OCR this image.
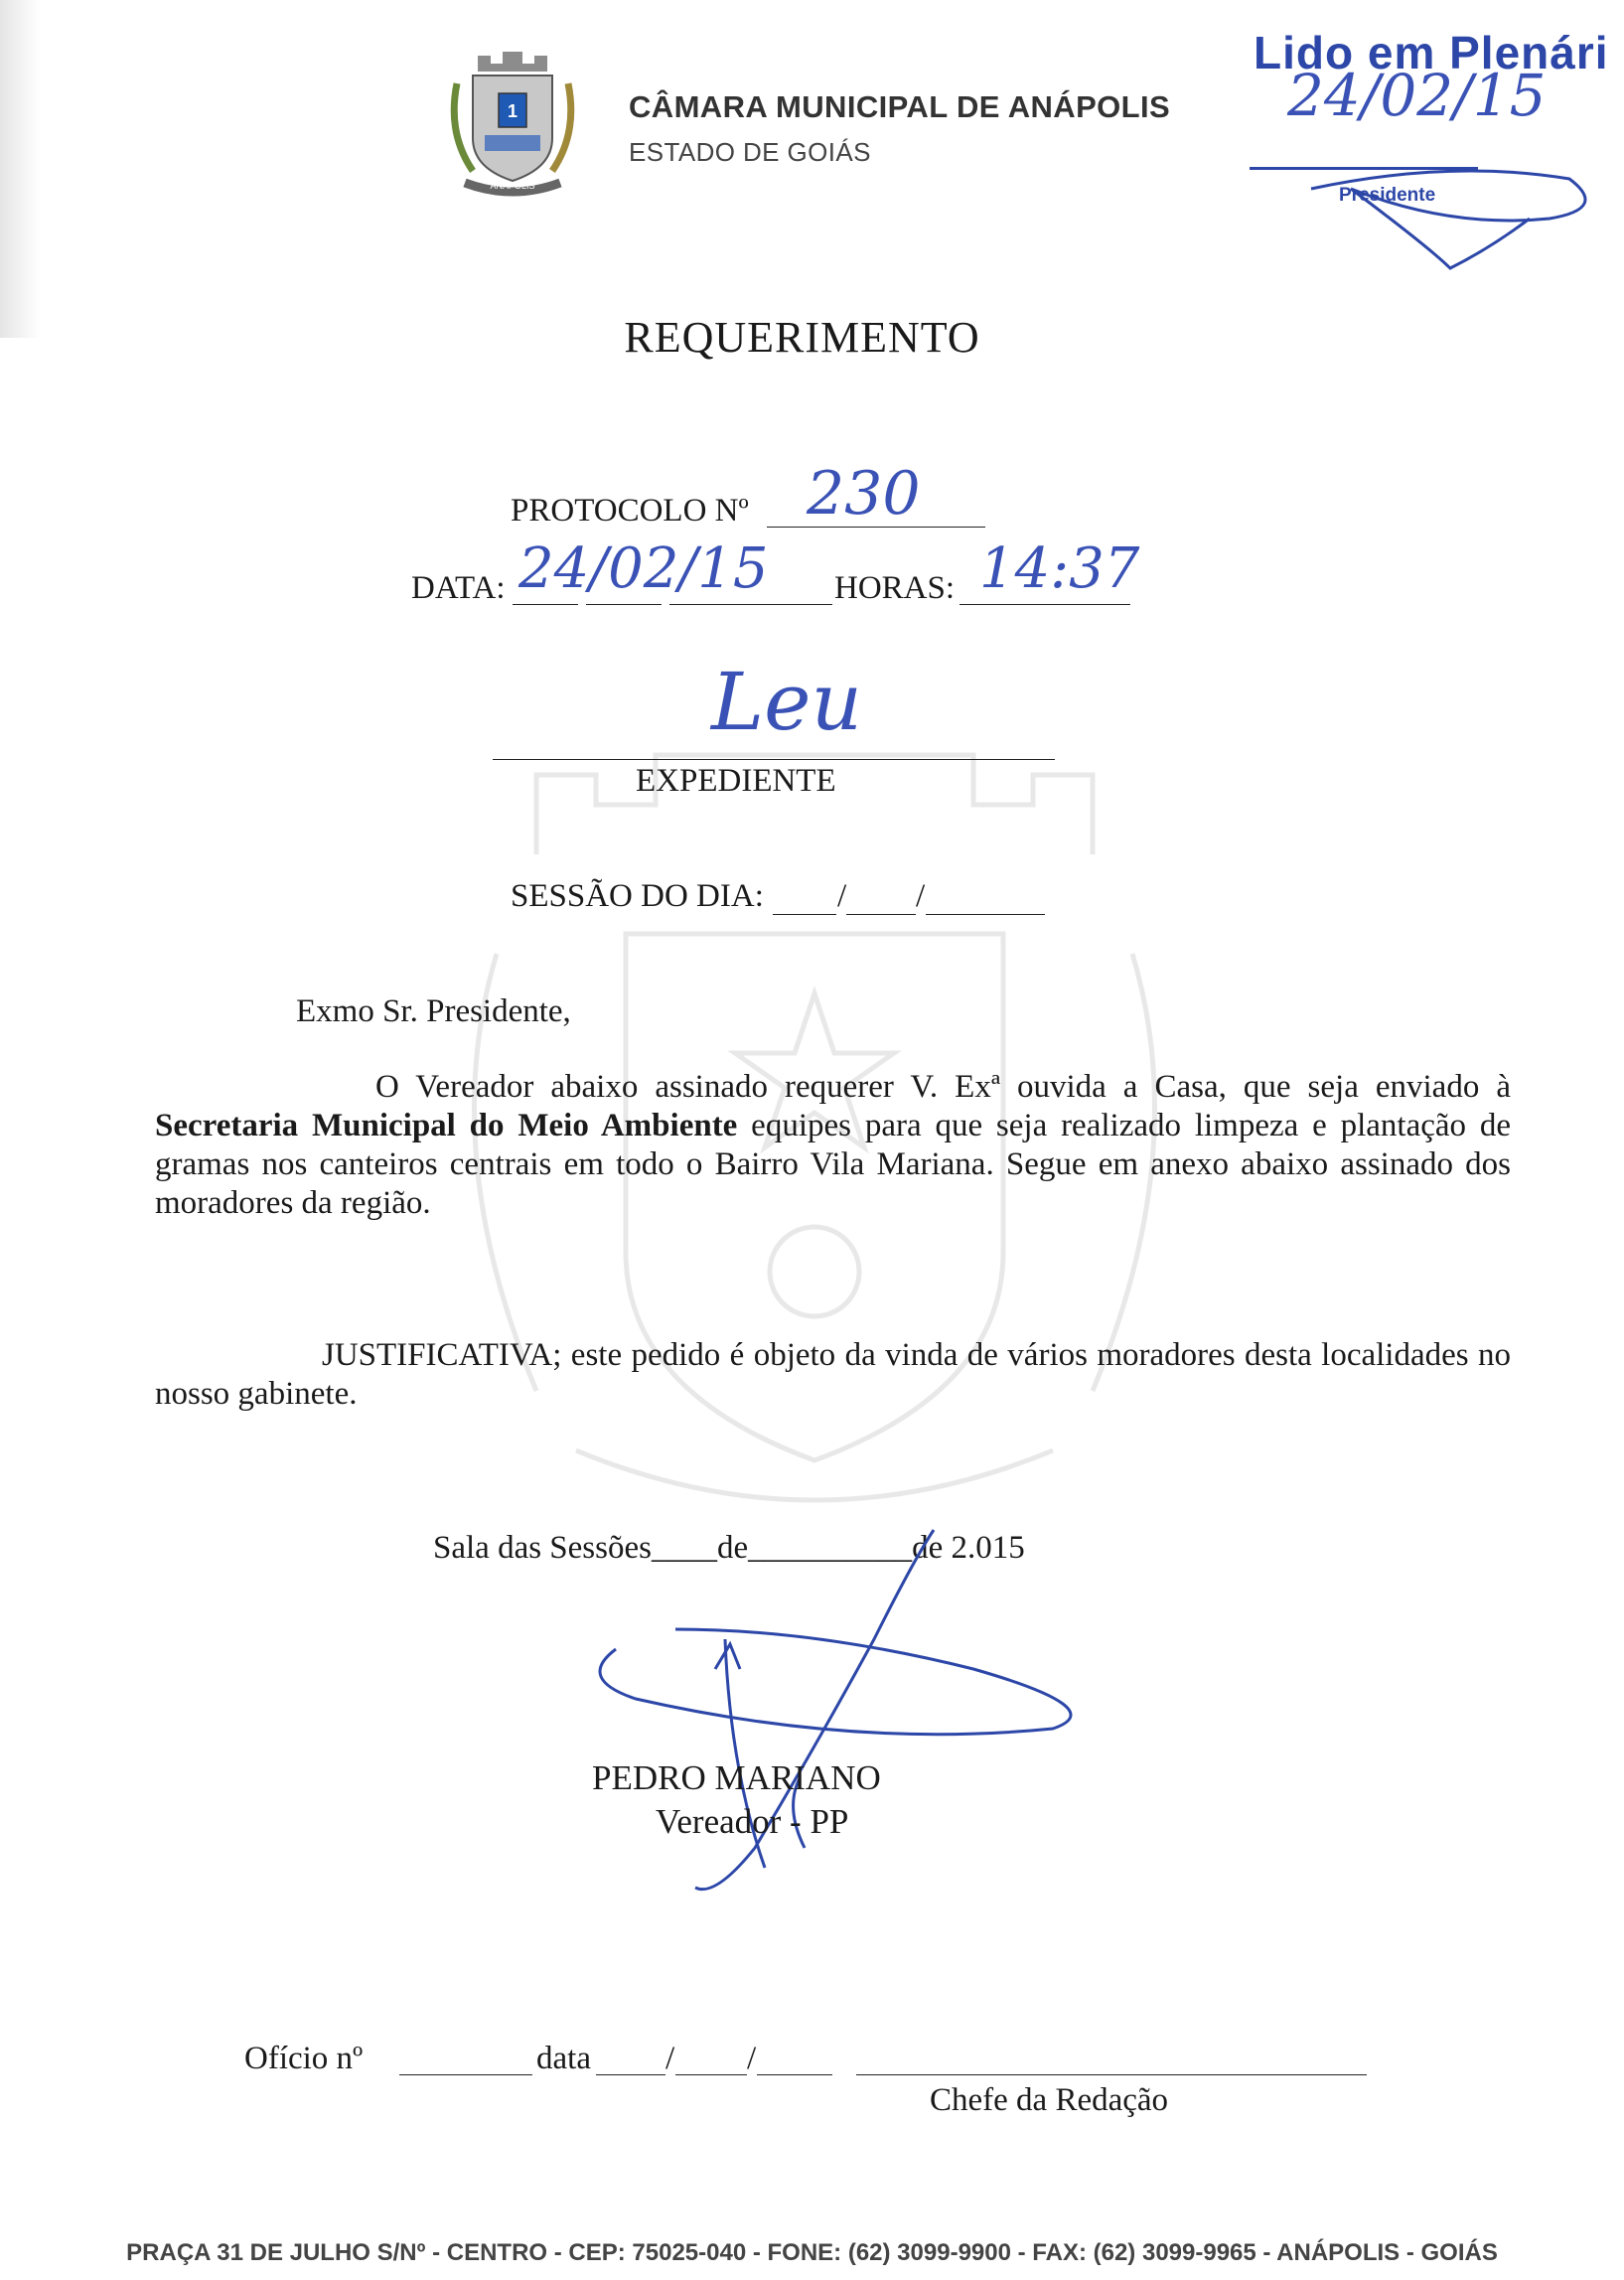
1
ANÁPOLIS
CÂMARA MUNICIPAL DE ANÁPOLIS
ESTADO DE GOIÁS
Lido em Plenári
24/02/15
Presidente
REQUERIMENTO
PROTOCOLO Nº 230
DATA: 24/02/15 HORAS: 14:37
Leu
EXPEDIENTE
SESSÃO DO DIA: / /
Exmo Sr. Presidente,
O Vereador abaixo assinado requerer V. Exª ouvida a Casa, que seja enviado à Secretaria Municipal do Meio Ambiente equipes para que seja realizado limpeza e plantação de gramas nos canteiros centrais em todo o Bairro Vila Mariana. Segue em anexo abaixo assinado dos moradores da região.
JUSTIFICATIVA; este pedido é objeto da vinda de vários moradores desta localidades no nosso gabinete.
Sala das Sessões____de__________de 2.015
PEDRO MARIANO
Vereador - PP
Ofício nº	data / /
Chefe da Redação
PRAÇA 31 DE JULHO S/Nº - CENTRO - CEP: 75025-040 - FONE: (62) 3099-9900 - FAX: (62) 3099-9965 - ANÁPOLIS - GOIÁS
